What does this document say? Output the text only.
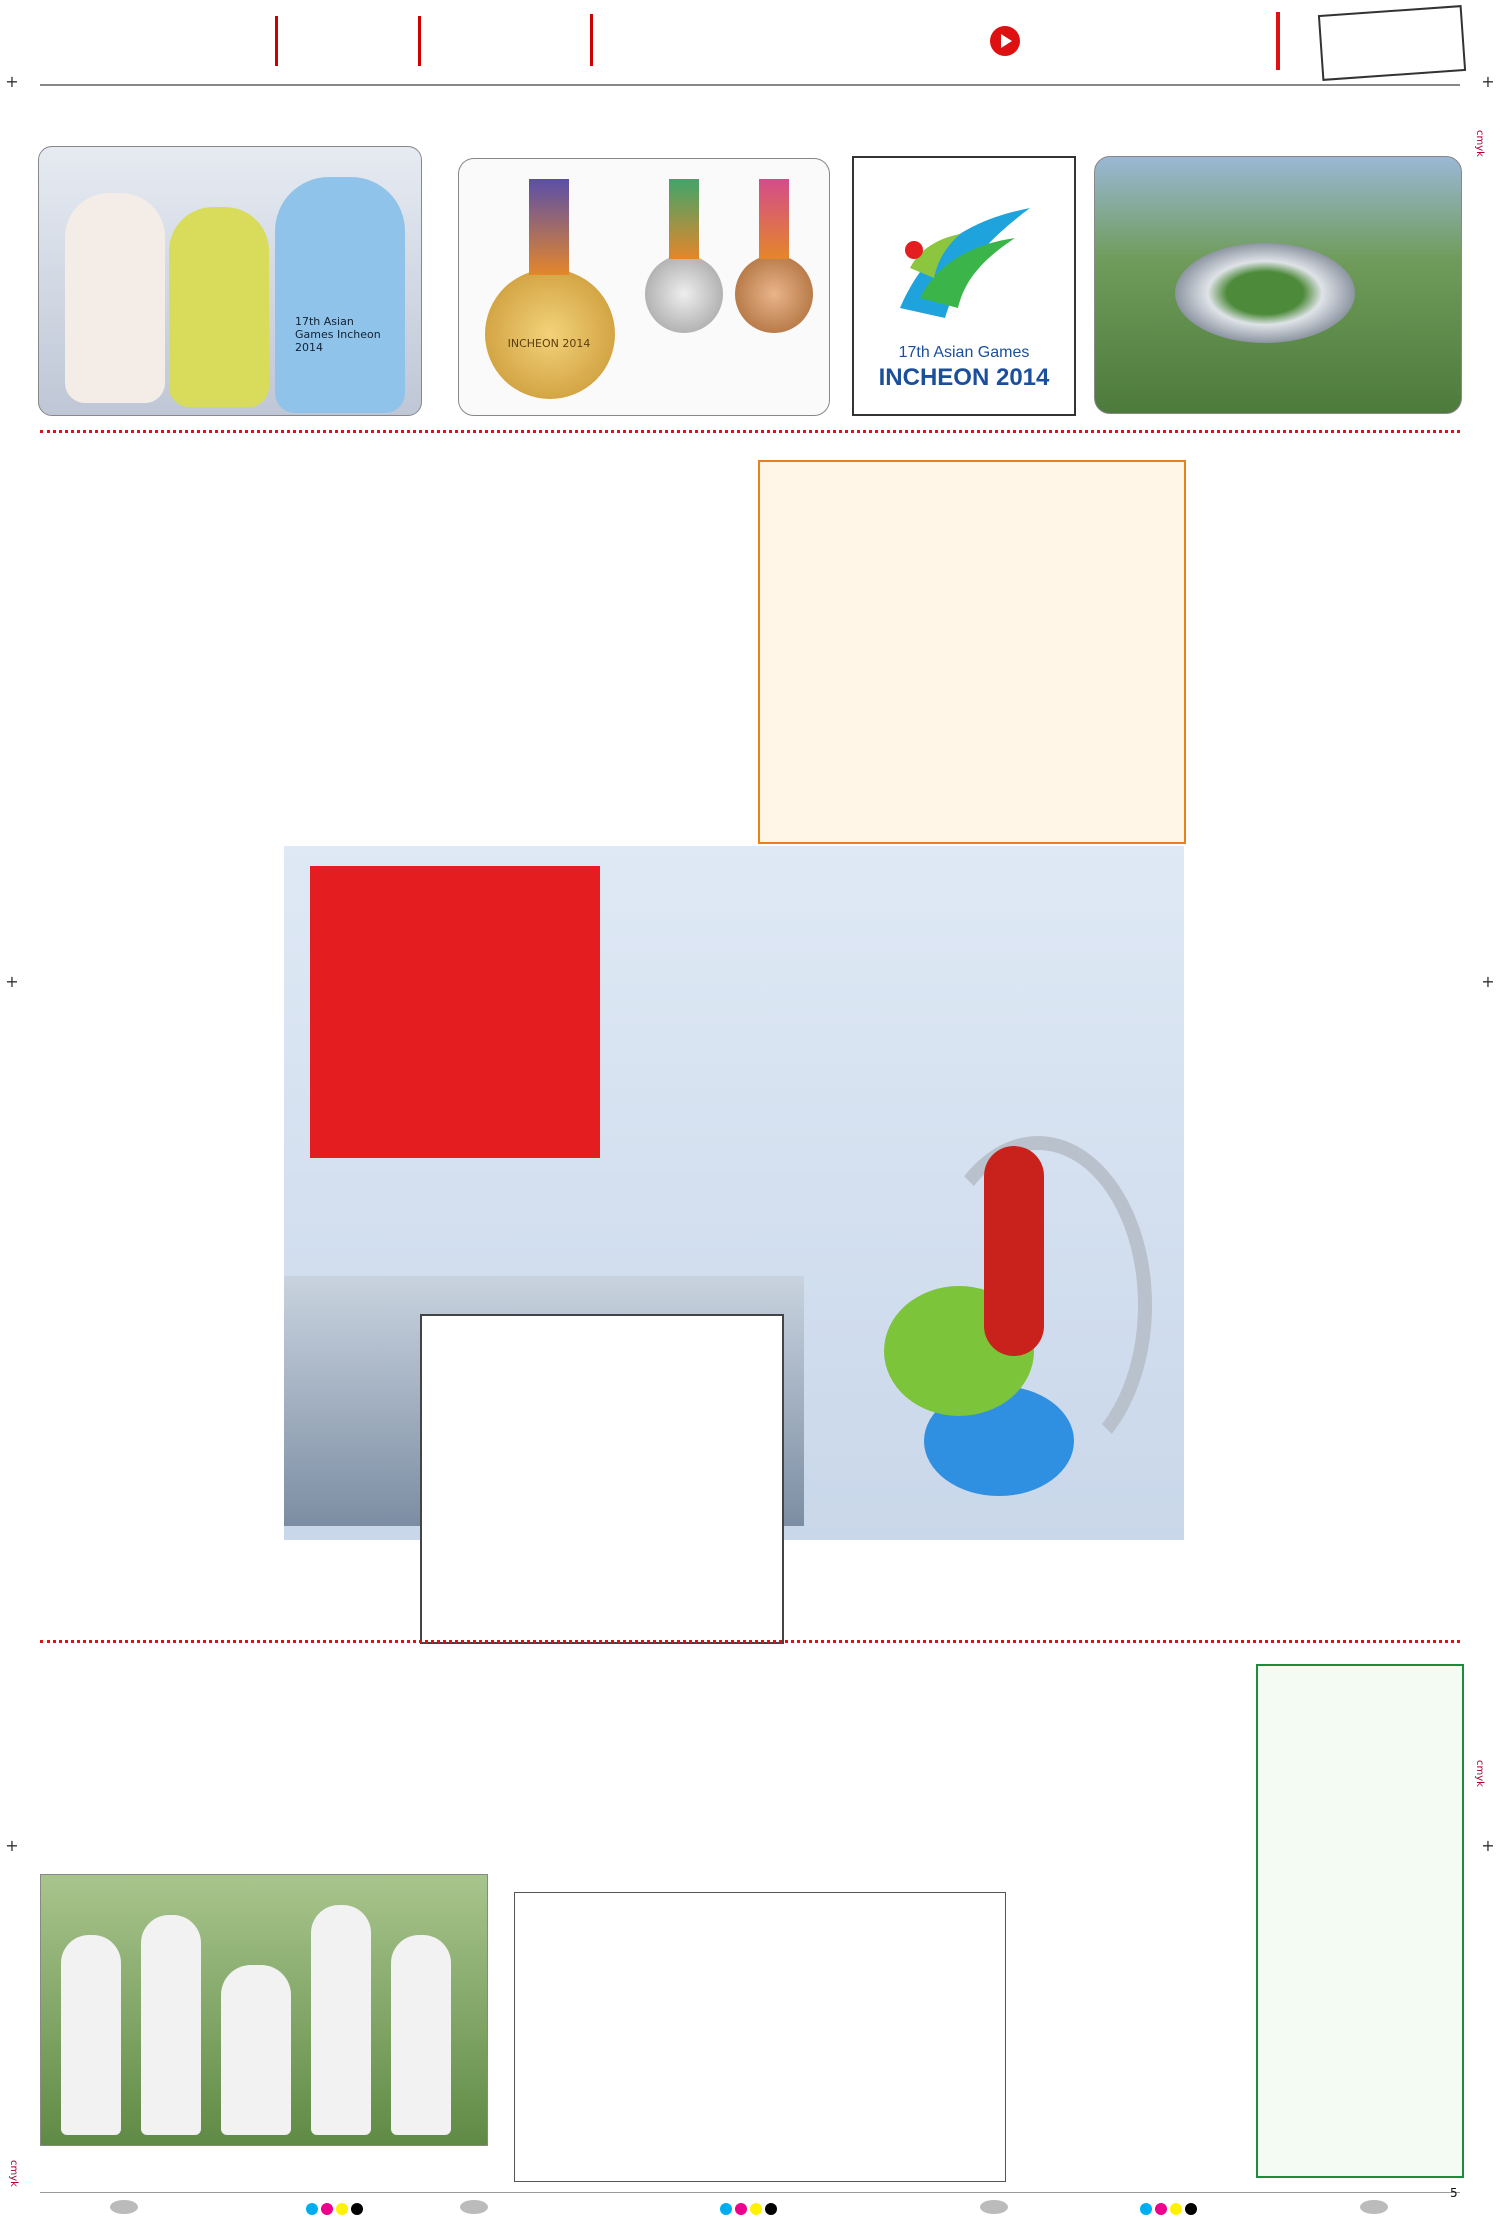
+	+
+	+
+	+
17th Asian Games Incheon 2014	INCHEON 2014
17th Asian Games
INCHEON 2014

5
cmyk
cmyk
cmyk
